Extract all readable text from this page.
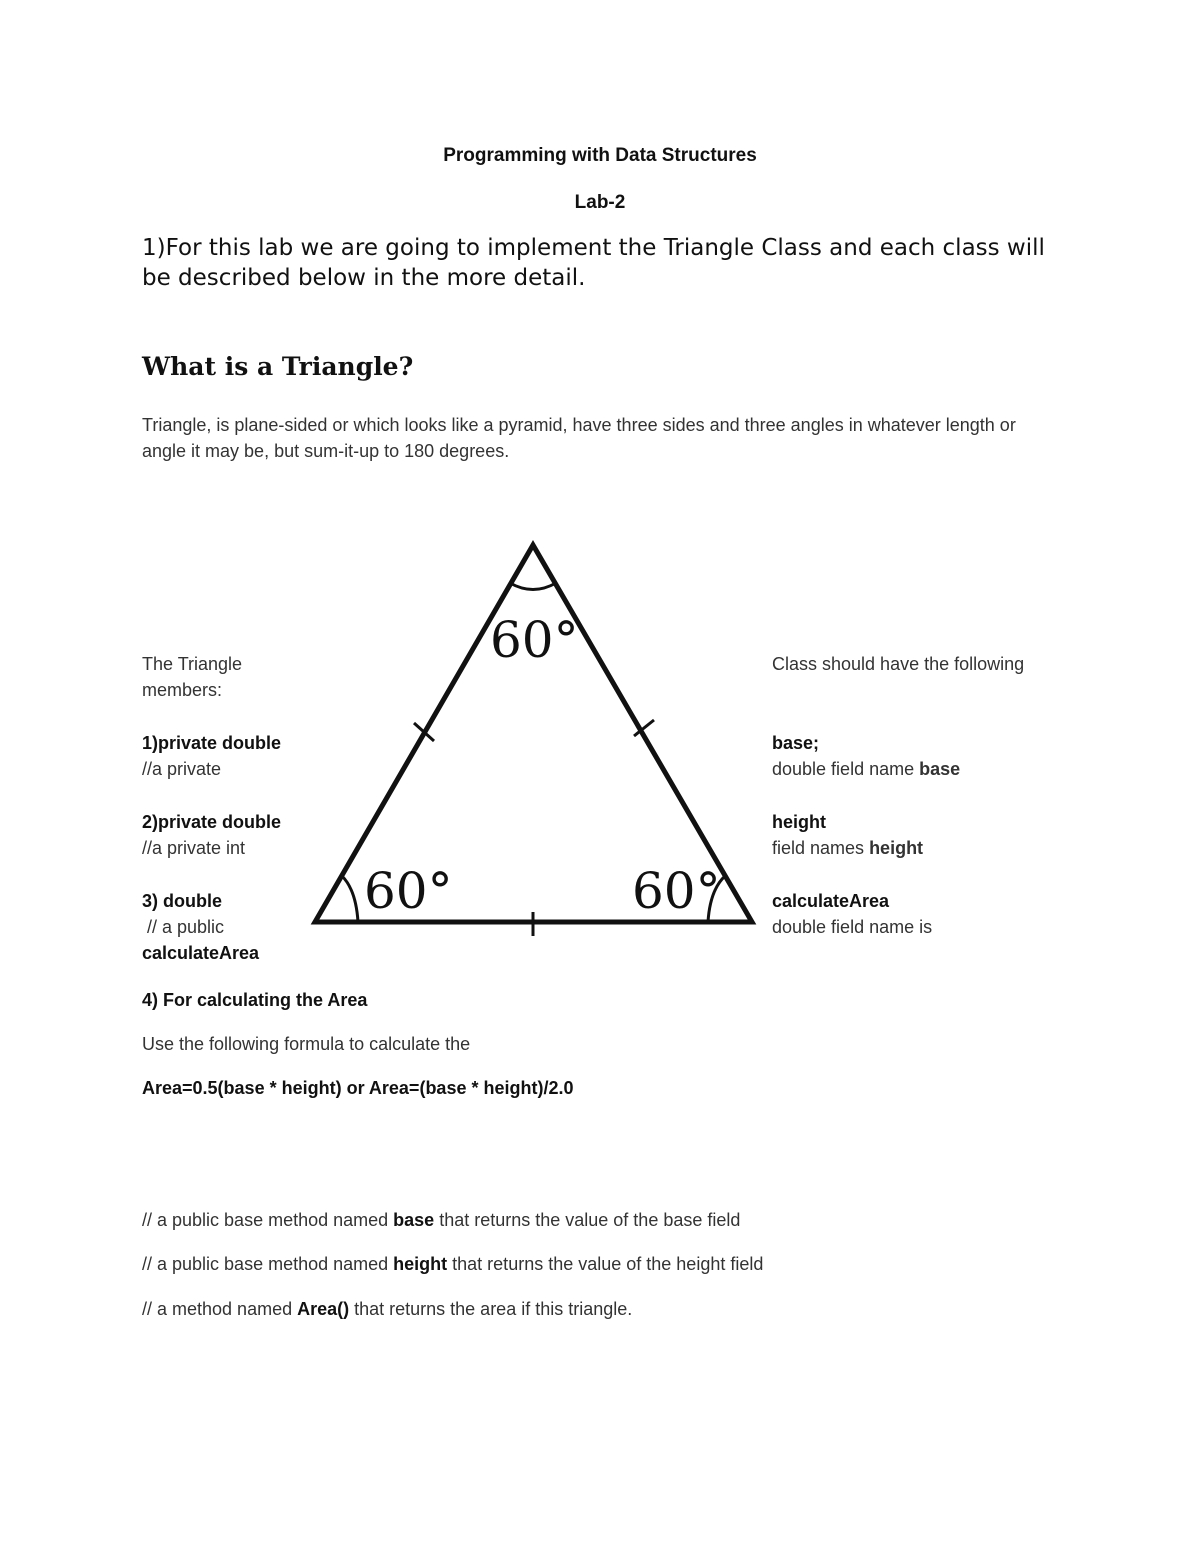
Programming with Data Structures
Lab-2
1)For this lab we are going to implement the Triangle Class and each class will be described below in the more detail.
What is a Triangle?
Triangle, is plane-sided or which looks like a pyramid, have three sides and three angles in whatever length or angle it may be, but sum-it-up to 180 degrees.
60°
60°	60°
The Triangle
members:
1)private double
//a private
2)private double
//a private int
3) double
// a public
calculateArea
Class should have the following
base;
double field name base
height
field names height
calculateArea
double field name is
4) For calculating the Area
Use the following formula to calculate the
Area=0.5(base * height) or Area=(base * height)/2.0
// a public base method named base that returns the value of the base field
// a public base method named height that returns the value of the height field
// a method named Area() that returns the area if this triangle.
